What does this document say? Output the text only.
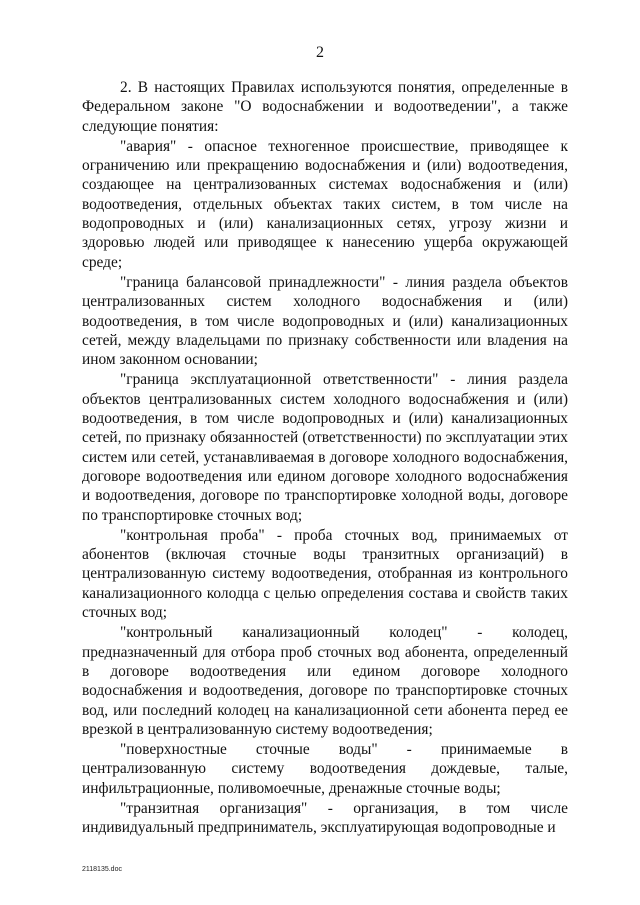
2

2. В настоящих Правилах используются понятия, определенные в Федеральном законе "О водоснабжении и водоотведении", а также следующие понятия:

"авария" - опасное техногенное происшествие, приводящее к ограничению или прекращению водоснабжения и (или) водоотведения, создающее на централизованных системах водоснабжения и (или) водоотведения, отдельных объектах таких систем, в том числе на водопроводных и (или) канализационных сетях, угрозу жизни и здоровью людей или приводящее к нанесению ущерба окружающей среде;

"граница балансовой принадлежности" - линия раздела объектов централизованных систем холодного водоснабжения и (или) водоотведения, в том числе водопроводных и (или) канализационных сетей, между владельцами по признаку собственности или владения на ином законном основании;

"граница эксплуатационной ответственности" - линия раздела объектов централизованных систем холодного водоснабжения и (или) водоотведения, в том числе водопроводных и (или) канализационных сетей, по признаку обязанностей (ответственности) по эксплуатации этих систем или сетей, устанавливаемая в договоре холодного водоснабжения, договоре водоотведения или едином договоре холодного водоснабжения и водоотведения, договоре по транспортировке холодной воды, договоре по транспортировке сточных вод;

"контрольная проба" - проба сточных вод, принимаемых от абонентов (включая сточные воды транзитных организаций) в централизованную систему водоотведения, отобранная из контрольного канализационного колодца с целью определения состава и свойств таких сточных вод;

"контрольный канализационный колодец" - колодец, предназначенный для отбора проб сточных вод абонента, определенный в договоре водоотведения или едином договоре холодного водоснабжения и водоотведения, договоре по транспортировке сточных вод, или последний колодец на канализационной сети абонента перед ее врезкой в централизованную систему водоотведения;

"поверхностные сточные воды" - принимаемые в централизованную систему водоотведения дождевые, талые, инфильтрационные, поливомоечные, дренажные сточные воды;

"транзитная организация" - организация, в том числе индивидуальный предприниматель, эксплуатирующая водопроводные и

2118135.doc
